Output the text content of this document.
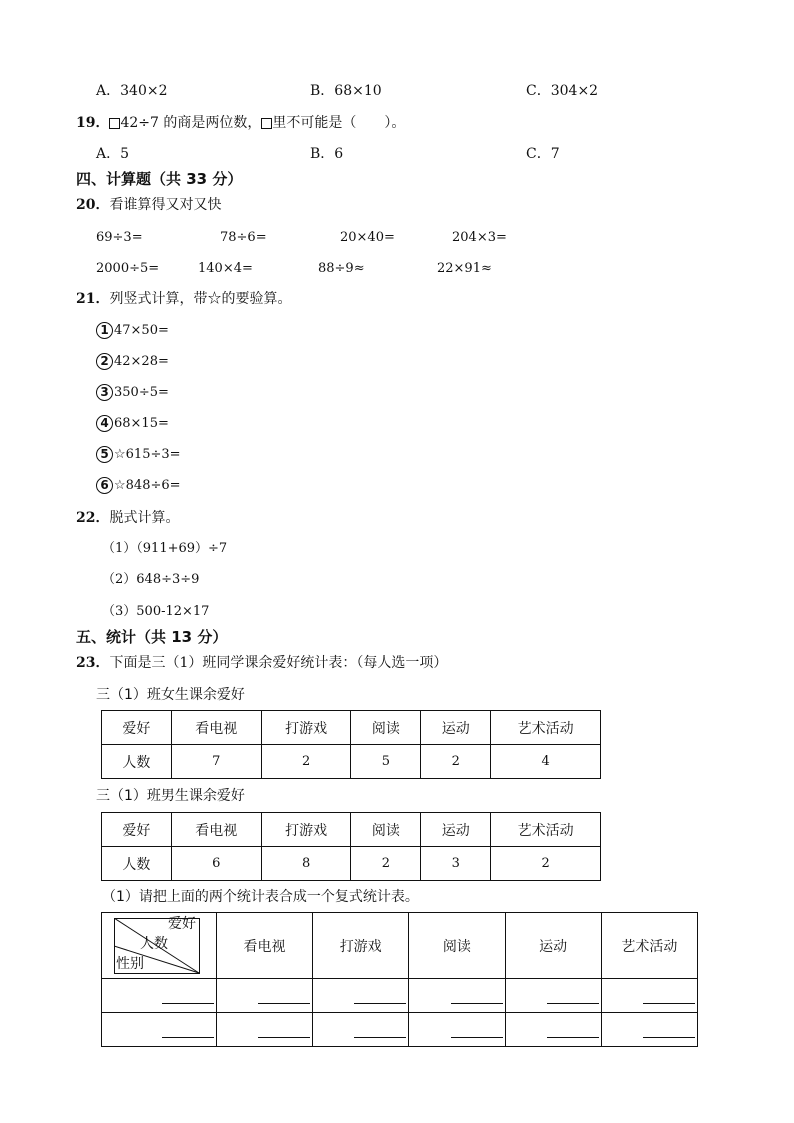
A．340×2	B．68×10	C．304×2
19． 42÷7 的商是两位数， 里不可能是（　　）。
A．5	B．6	C．7
四、计算题（共 33 分）
20．看谁算得又对又快
69÷3=	78÷6=	20×40=	204×3=
2000÷5=	140×4=	88÷9≈	22×91≈
21．列竖式计算，带☆的要验算。
1 47×50=
2 42×28=
3 350÷5=
4 68×15=
5 ☆615÷3=
6 ☆848÷6=
22．脱式计算。
（1）（911+69）÷7
（2）648÷3÷9
（3）500-12×17
五、统计（共 13 分）
23．下面是三（1）班同学课余爱好统计表：（每人选一项）
三（1）班女生课余爱好
爱好	看电视	打游戏	阅读	运动	艺术活动
人数	7	2	5	2	4
三（1）班男生课余爱好
爱好	看电视	打游戏	阅读	运动	艺术活动
人数	6	8	2	3	2
（1）请把上面的两个统计表合成一个复式统计表。
爱好
人数
性别	看电视	打游戏	阅读	运动	艺术活动
